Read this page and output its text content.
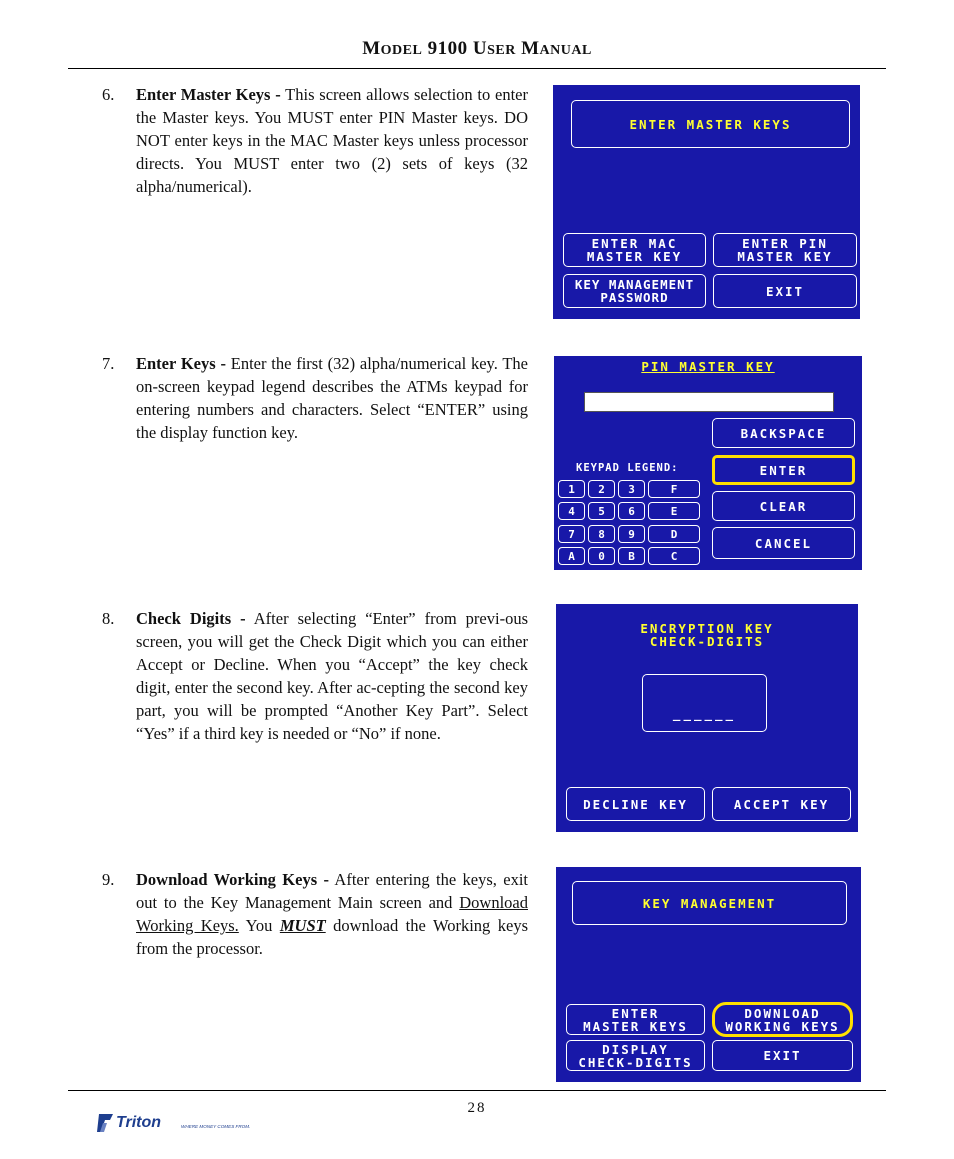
MODEL 9100 USER MANUAL
6. Enter Master Keys - This screen allows selection to enter the Master keys. You MUST enter PIN Master keys. DO NOT enter keys in the MAC Master keys unless processor directs. You MUST enter two (2) sets of keys (32 alpha/numerical).
ENTER MASTER KEYS
ENTER MAC
MASTER KEY
ENTER PIN
MASTER KEY
KEY MANAGEMENT
PASSWORD	EXIT
7. Enter Keys - Enter the first (32) alpha/numerical key. The on-screen keypad legend describes the ATMs keypad for entering numbers and characters. Select “ENTER” using the display function key.
PIN MASTER KEY
BACKSPACE
KEYPAD LEGEND:	ENTER
CLEAR
CANCEL
1	2	3	F
4	5	6	E
7	8	9	D
A	0	B	C
8. Check Digits - After selecting “Enter” from previ-ous screen, you will get the Check Digit which you can either Accept or Decline. When you “Accept” the key check digit, enter the second key. After ac-cepting the second key part, you will be prompted “Another Key Part”. Select “Yes” if a third key is needed or “No” if none.
ENCRYPTION KEY
CHECK-DIGITS
______
DECLINE KEY	ACCEPT KEY
9. Download Working Keys - After entering the keys, exit out to the Key Management Main screen and Download Working Keys. You MUST download the Working keys from the processor.
KEY MANAGEMENT
ENTER
MASTER KEYS
DOWNLOAD
WORKING KEYS
DISPLAY
CHECK-DIGITS	EXIT
28
Triton	WHERE MONEY COMES FROM.
